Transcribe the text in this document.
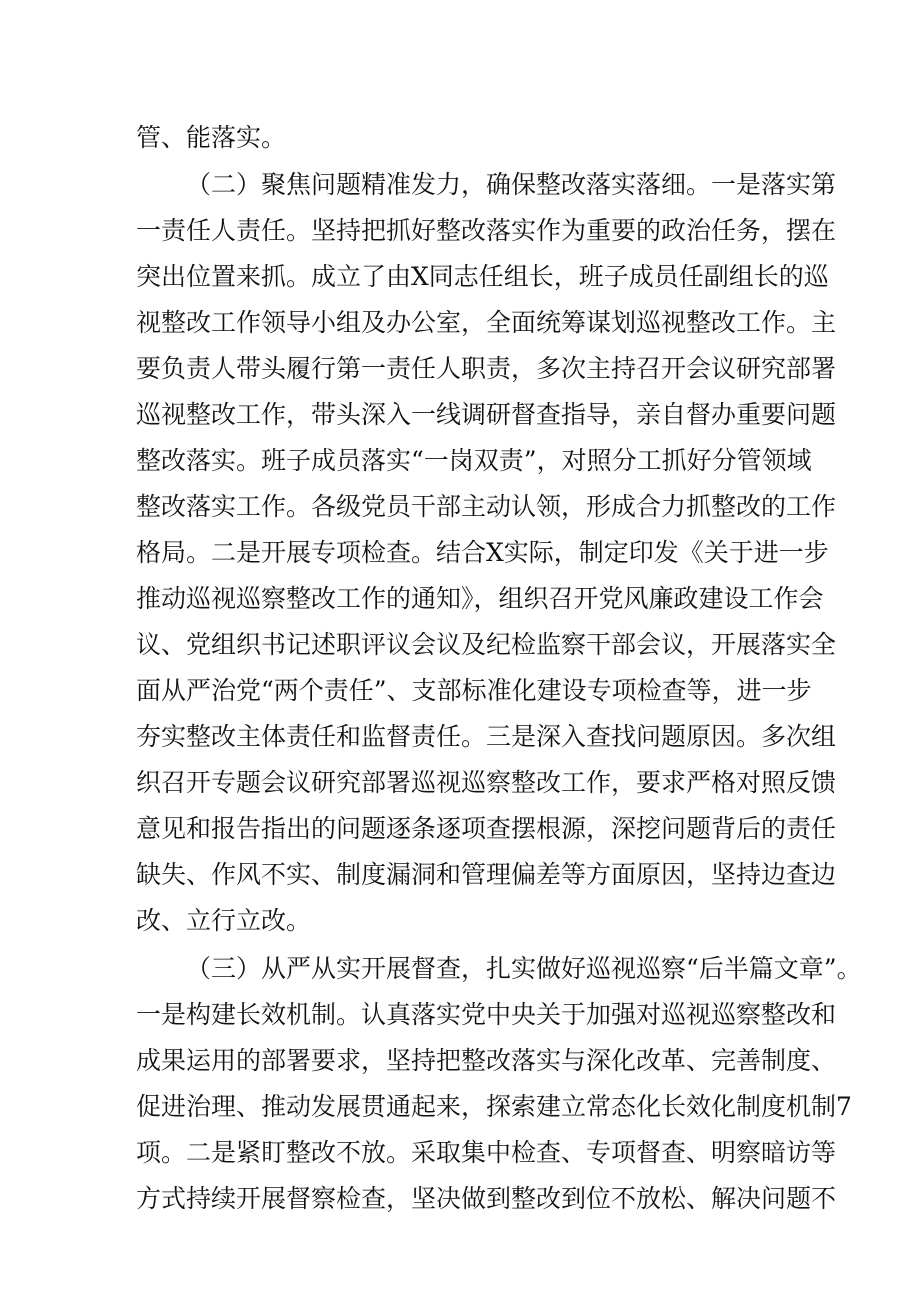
管、能落实。
（二）聚焦问题精准发力，确保整改落实落细。一是落实第
一责任人责任。坚持把抓好整改落实作为重要的政治任务，摆在
突出位置来抓。成立了由X同志任组长，班子成员任副组长的巡
视整改工作领导小组及办公室，全面统筹谋划巡视整改工作。主
要负责人带头履行第一责任人职责，多次主持召开会议研究部署
巡视整改工作，带头深入一线调研督查指导，亲自督办重要问题
整改落实。班子成员落实“一岗双责”，对照分工抓好分管领域
整改落实工作。各级党员干部主动认领，形成合力抓整改的工作
格局。二是开展专项检查。结合X实际，制定印发《关于进一步
推动巡视巡察整改工作的通知》，组织召开党风廉政建设工作会
议、党组织书记述职评议会议及纪检监察干部会议，开展落实全
面从严治党“两个责任”、支部标准化建设专项检查等，进一步
夯实整改主体责任和监督责任。三是深入查找问题原因。多次组
织召开专题会议研究部署巡视巡察整改工作，要求严格对照反馈
意见和报告指出的问题逐条逐项查摆根源，深挖问题背后的责任
缺失、作风不实、制度漏洞和管理偏差等方面原因，坚持边查边
改、立行立改。
（三）从严从实开展督查，扎实做好巡视巡察“后半篇文章”。
一是构建长效机制。认真落实党中央关于加强对巡视巡察整改和
成果运用的部署要求，坚持把整改落实与深化改革、完善制度、
促进治理、推动发展贯通起来，探索建立常态化长效化制度机制7
项。二是紧盯整改不放。采取集中检查、专项督查、明察暗访等
方式持续开展督察检查，坚决做到整改到位不放松、解决问题不
